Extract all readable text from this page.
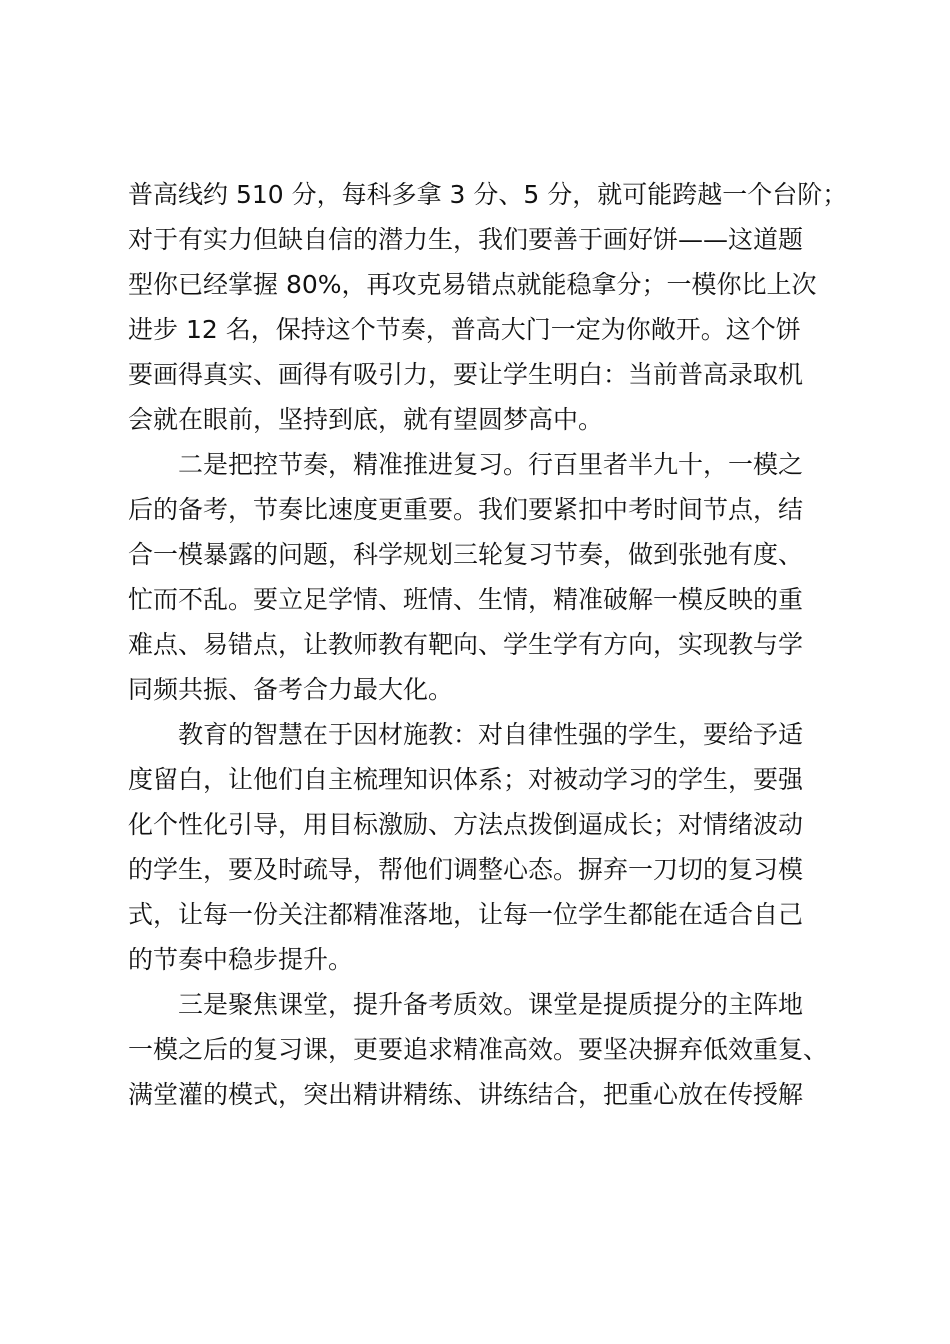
普高线约 510 分，每科多拿 3 分、5 分，就可能跨越一个台阶；
对于有实力但缺自信的潜力生，我们要善于画好饼——这道题
型你已经掌握 80%，再攻克易错点就能稳拿分；一模你比上次
进步 12 名，保持这个节奏，普高大门一定为你敞开。这个饼
要画得真实、画得有吸引力，要让学生明白：当前普高录取机
会就在眼前，坚持到底，就有望圆梦高中。
二是把控节奏，精准推进复习。行百里者半九十，一模之
后的备考，节奏比速度更重要。我们要紧扣中考时间节点，结
合一模暴露的问题，科学规划三轮复习节奏，做到张弛有度、
忙而不乱。要立足学情、班情、生情，精准破解一模反映的重
难点、易错点，让教师教有靶向、学生学有方向，实现教与学
同频共振、备考合力最大化。
教育的智慧在于因材施教：对自律性强的学生，要给予适
度留白，让他们自主梳理知识体系；对被动学习的学生，要强
化个性化引导，用目标激励、方法点拨倒逼成长；对情绪波动
的学生，要及时疏导，帮他们调整心态。摒弃一刀切的复习模
式，让每一份关注都精准落地，让每一位学生都能在适合自己
的节奏中稳步提升。
三是聚焦课堂，提升备考质效。课堂是提质提分的主阵地
一模之后的复习课，更要追求精准高效。要坚决摒弃低效重复、
满堂灌的模式，突出精讲精练、讲练结合，把重心放在传授解
